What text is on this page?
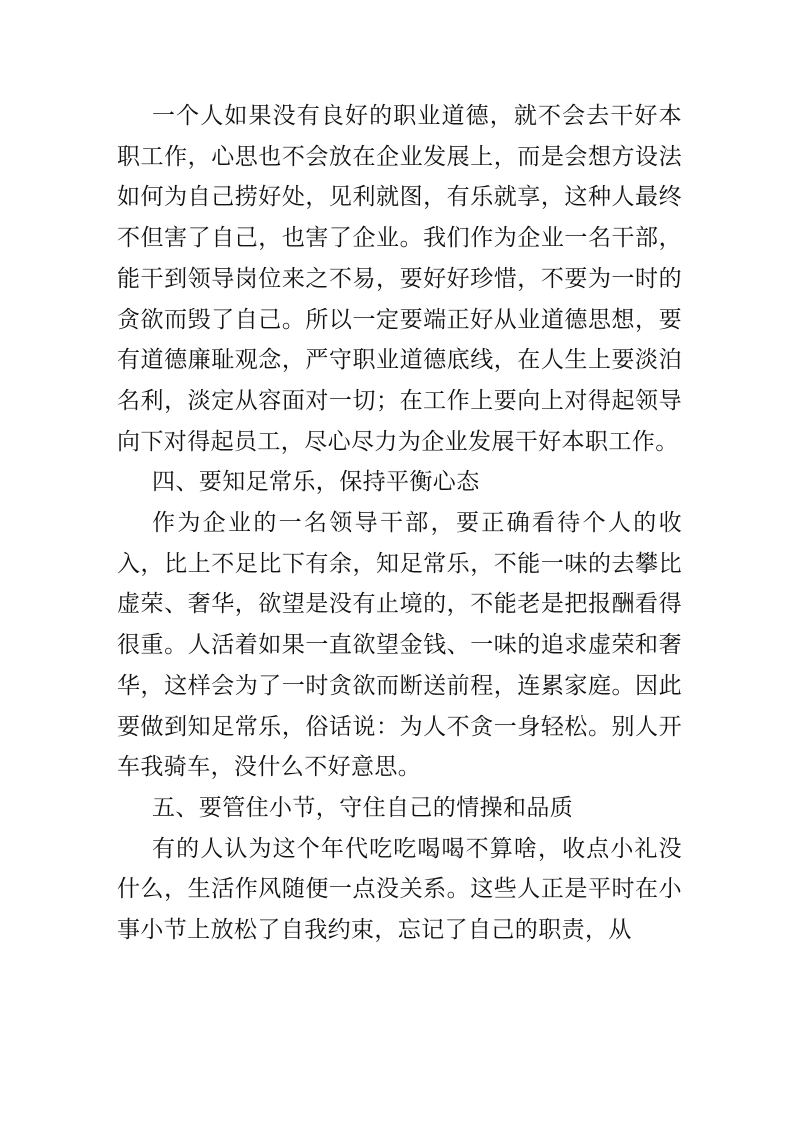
一个人如果没有良好的职业道德，就不会去干好本职工作，心思也不会放在企业发展上，而是会想方设法如何为自己捞好处，见利就图，有乐就享，这种人最终不但害了自己，也害了企业。我们作为企业一名干部，能干到领导岗位来之不易，要好好珍惜，不要为一时的贪欲而毁了自己。所以一定要端正好从业道德思想，要有道德廉耻观念，严守职业道德底线，在人生上要淡泊名利，淡定从容面对一切；在工作上要向上对得起领导向下对得起员工，尽心尽力为企业发展干好本职工作。

四、要知足常乐，保持平衡心态

作为企业的一名领导干部，要正确看待个人的收入，比上不足比下有余，知足常乐，不能一味的去攀比虚荣、奢华，欲望是没有止境的，不能老是把报酬看得很重。人活着如果一直欲望金钱、一味的追求虚荣和奢华，这样会为了一时贪欲而断送前程，连累家庭。因此要做到知足常乐，俗话说：为人不贪一身轻松。别人开车我骑车，没什么不好意思。

五、要管住小节，守住自己的情操和品质

有的人认为这个年代吃吃喝喝不算啥，收点小礼没什么，生活作风随便一点没关系。这些人正是平时在小事小节上放松了自我约束，忘记了自己的职责，从
